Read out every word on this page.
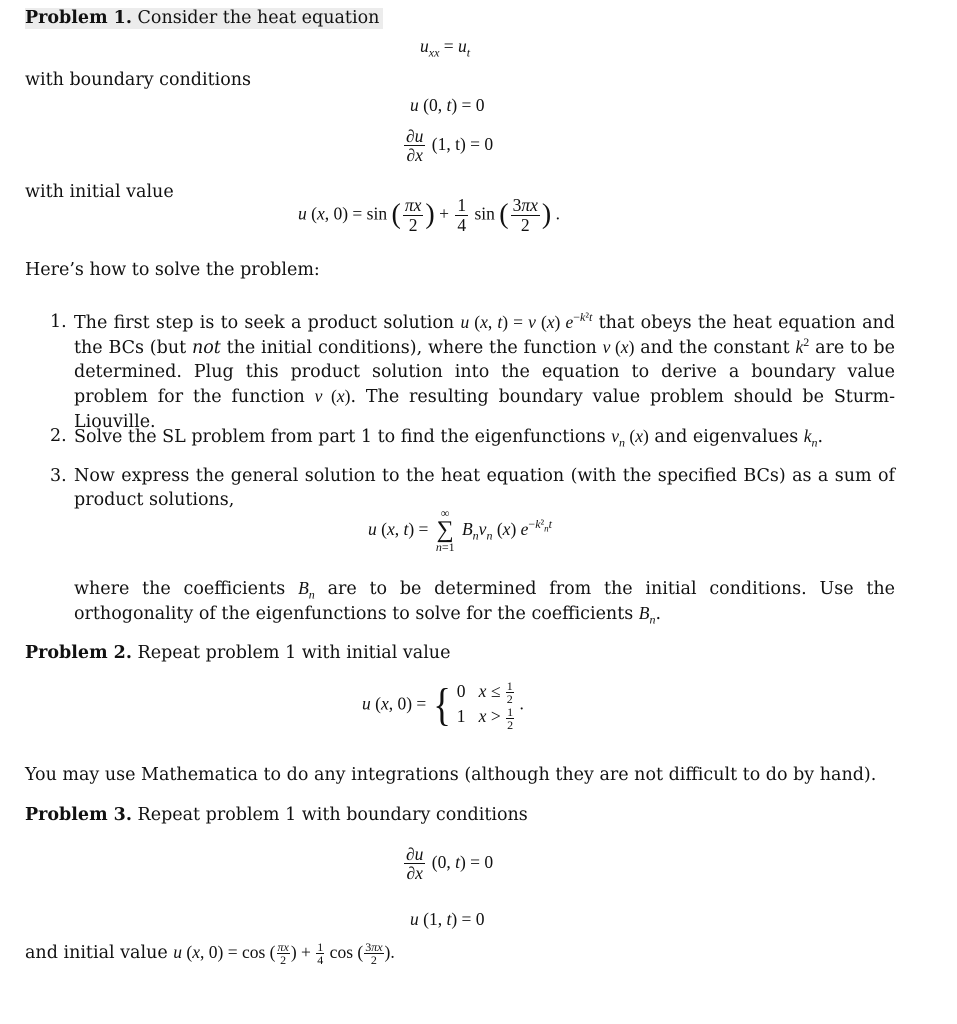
Problem 1. Consider the heat equation
$u_{xx} = u_t$
with boundary conditions
u (0, t) = 0
$\frac{\partial u}{\partial x} (1$, t) = 0
with initial value
u (x, 0) = sin ( $\frac{\pi x}{2}$ ) + $\frac{1}{4}$ sin ( $\frac{3\pi x}{2}$ ) .
Here’s how to solve the problem:
1. The first step is to seek a product solution u (x, t) = v (x) $e^{-k^2t}$ that obeys the heat equation and the BCs (but not the initial conditions), where the function v (x) and the constant $k^2$ are to be determined. Plug this product solution into the equation to derive a boundary value problem for the function v (x). The resulting boundary value problem should be Sturm-Liouville.
2. Solve the SL problem from part 1 to find the eigenfunctions $v_n$ (x) and eigenvalues $k_n$.
3. Now express the general solution to the heat equation (with the specified BCs) as a sum of product solutions,
u (x, t) =
∞
∑
n=1
$B_nv_n$ (x) $e^{-k^2_nt}$
where the coefficients $B_n$ are to be determined from the initial conditions. Use the orthogonality of the eigenfunctions to solve for the coefficients $B_n$.
Problem 2. Repeat problem 1 with initial value
u (x, 0) = { 0   $x \le \frac{1}{2}$
1   $x > \frac{1}{2}$
.
You may use Mathematica to do any integrations (although they are not difficult to do by hand).
Problem 3. Repeat problem 1 with boundary conditions
$\frac{\partial u}{\partial x} (0$, t) = 0
u (1, t) = 0
and initial value u (x, 0) = cos ( $\frac{\pi x}{2}$ ) + $\frac{1}{4}$ cos ( $\frac{3\pi x}{2}$ ).
